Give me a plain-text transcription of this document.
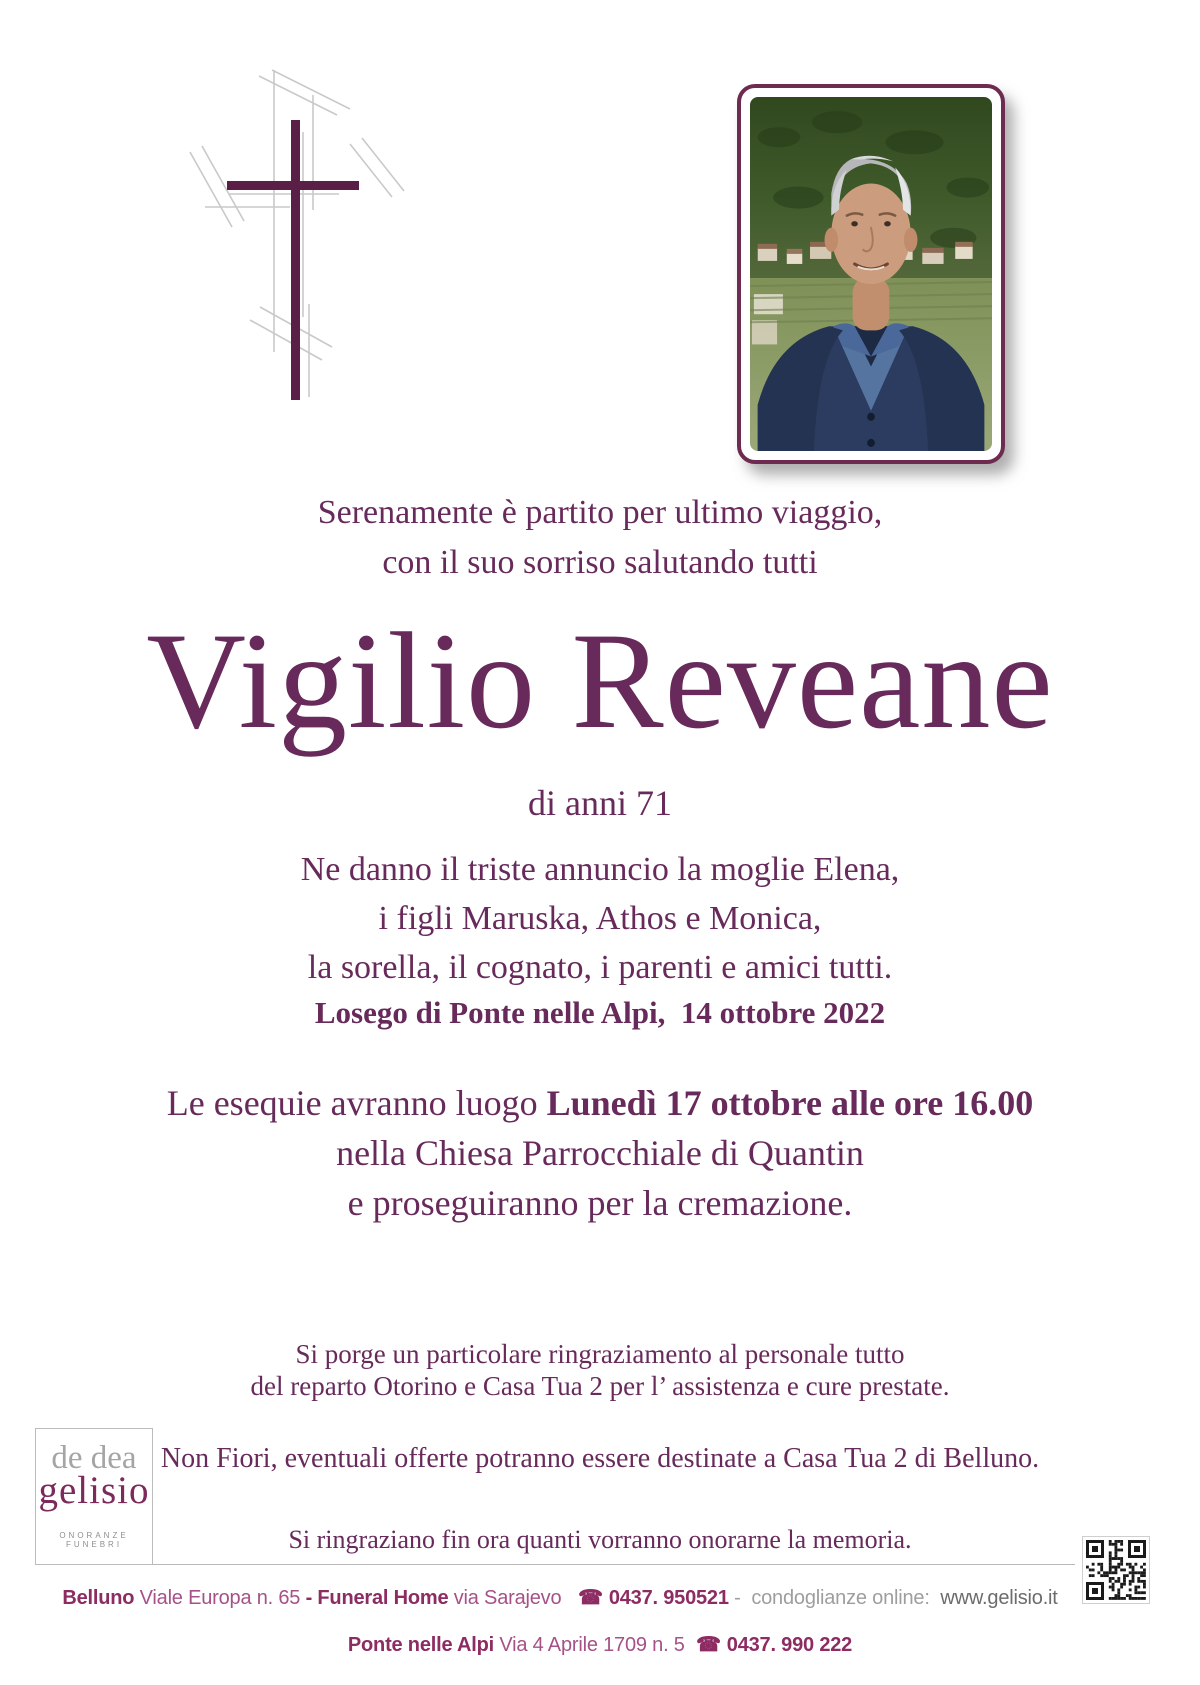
Serenamente è partito per ultimo viaggio,
con il suo sorriso salutando tutti
Vigilio Reveane
di anni 71
Ne danno il triste annuncio la moglie Elena,
i figli Maruska, Athos e Monica,
la sorella, il cognato, i parenti e amici tutti.
Losego di Ponte nelle Alpi,  14 ottobre 2022
Le esequie avranno luogo Lunedì 17 ottobre alle ore 16.00
nella Chiesa Parrocchiale di Quantin
e proseguiranno per la cremazione.
Si porge un particolare ringraziamento al personale tutto
del reparto Otorino e Casa Tua 2 per l’ assistenza e cure prestate.
Non Fiori, eventuali offerte potranno essere destinate a Casa Tua 2 di Belluno.
Si ringraziano fin ora quanti vorranno onorarne la memoria.
de dea
gelisio
ONORANZE FUNEBRI
Belluno Viale Europa n. 65 - Funeral Home via Sarajevo  ☎ 0437. 950521 -  condoglianze online:  www.gelisio.it
Ponte nelle Alpi Via 4 Aprile 1709 n. 5 ☎ 0437. 990 222
